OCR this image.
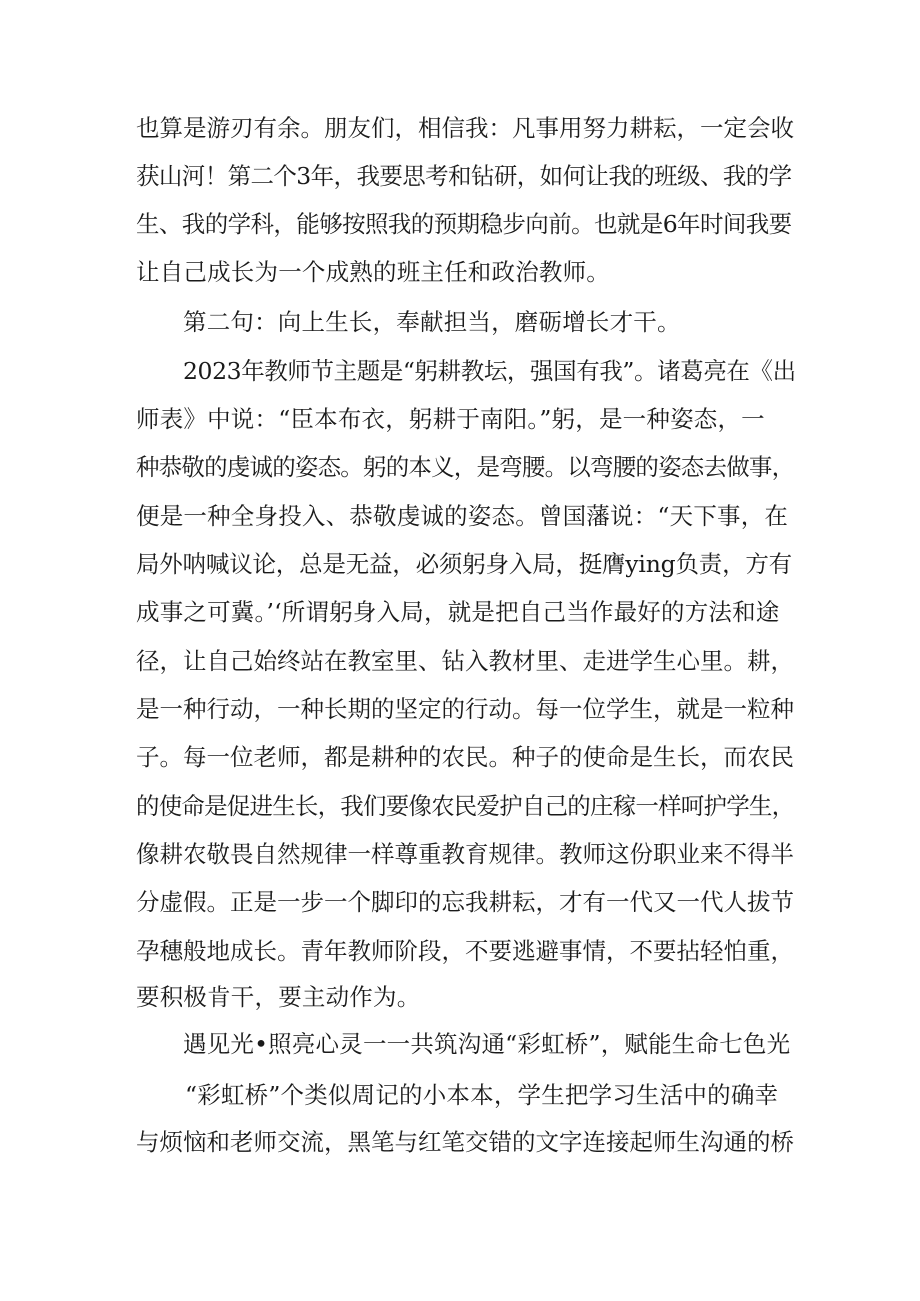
也算是游刃有余。朋友们，相信我：凡事用努力耕耘，一定会收
获山河！第二个3年，我要思考和钻研，如何让我的班级、我的学
生、我的学科，能够按照我的预期稳步向前。也就是6年时间我要
让自己成长为一个成熟的班主任和政治教师。
第二句：向上生长，奉献担当，磨砺增长才干。
2023年教师节主题是“躬耕教坛，强国有我”。诸葛亮在《出
师表》中说：“臣本布衣，躬耕于南阳。”躬，是一种姿态，一
种恭敬的虔诚的姿态。躬的本义，是弯腰。以弯腰的姿态去做事，
便是一种全身投入、恭敬虔诚的姿态。曾国藩说：“天下事，在
局外呐喊议论，总是无益，必须躬身入局，挺膺ying负责，方有
成事之可冀。’‘所谓躬身入局，就是把自己当作最好的方法和途
径，让自己始终站在教室里、钻入教材里、走进学生心里。耕，
是一种行动，一种长期的坚定的行动。每一位学生，就是一粒种
子。每一位老师，都是耕种的农民。种子的使命是生长，而农民
的使命是促进生长，我们要像农民爱护自己的庄稼一样呵护学生，
像耕农敬畏自然规律一样尊重教育规律。教师这份职业来不得半
分虚假。正是一步一个脚印的忘我耕耘，才有一代又一代人拔节
孕穗般地成长。青年教师阶段，不要逃避事情，不要拈轻怕重，
要积极肯干，要主动作为。
遇见光•照亮心灵一一共筑沟通“彩虹桥”，赋能生命七色光
“彩虹桥”个类似周记的小本本，学生把学习生活中的确幸
与烦恼和老师交流，黑笔与红笔交错的文字连接起师生沟通的桥
